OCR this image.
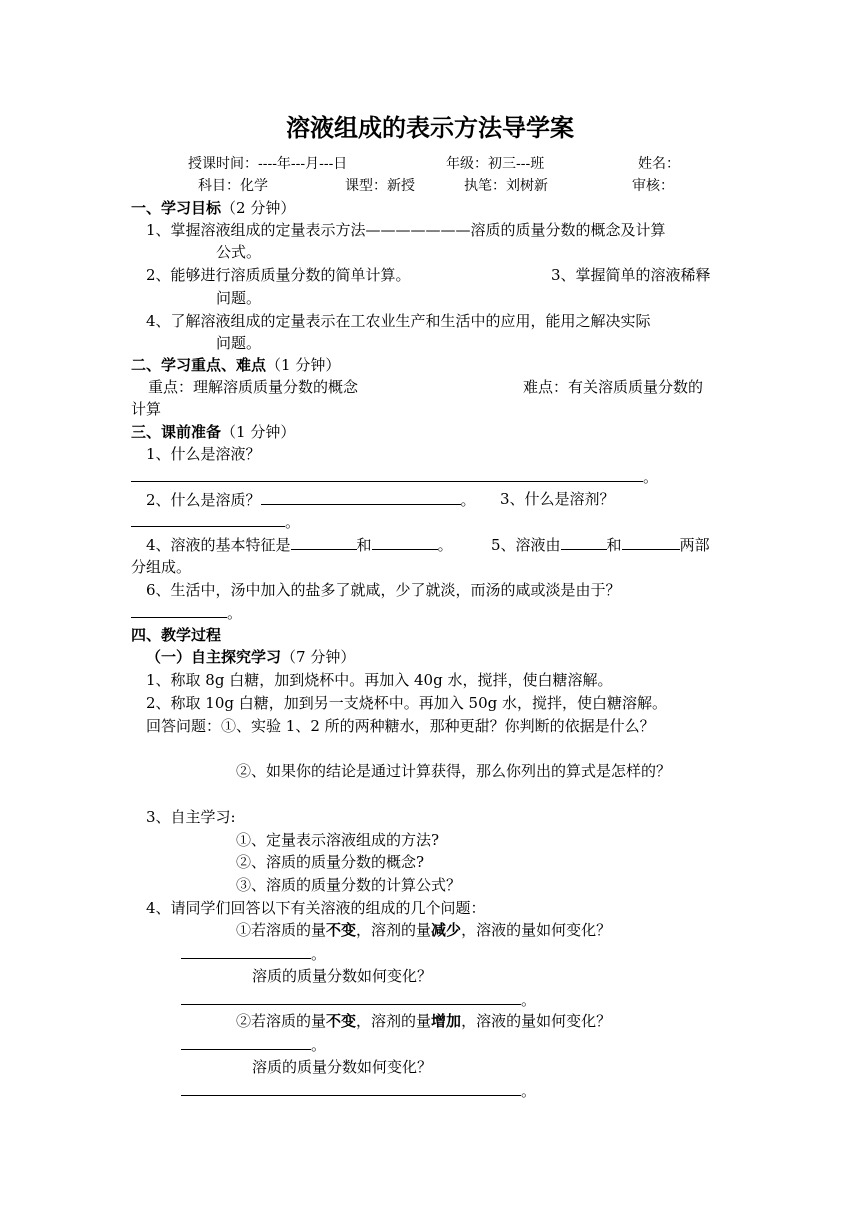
溶液组成的表示方法导学案
授课时间：----年---月---日	年级：初三---班	姓名：
科目：化学	课型：新授	执笔：刘树新	审核：
一、学习目标（2 分钟）
1、掌握溶液组成的定量表示方法———————溶质的质量分数的概念及计算
公式。
2、能够进行溶质质量分数的简单计算。	3、掌握简单的溶液稀释
问题。
4、了解溶液组成的定量表示在工农业生产和生活中的应用，能用之解决实际
问题。
二、学习重点、难点（1 分钟）
重点：理解溶质质量分数的概念	难点：有关溶质质量分数的
计算
三、课前准备（1 分钟）
1、什么是溶液？
。
2、什么是溶质？	。 3、什么是溶剂？
。
4、溶液的基本特征是	和	。	5、溶液由	和	两部
分组成。
6、生活中，汤中加入的盐多了就咸，少了就淡，而汤的咸或淡是由于？
。
四、教学过程
（一）自主探究学习（7 分钟）
1、称取 8g 白糖，加到烧杯中。再加入 40g 水，搅拌，使白糖溶解。
2、称取 10g 白糖，加到另一支烧杯中。再加入 50g 水，搅拌，使白糖溶解。
回答问题：①、实验 1、2 所的两种糖水，那种更甜？你判断的依据是什么？
②、如果你的结论是通过计算获得，那么你列出的算式是怎样的？
3、自主学习:
①、定量表示溶液组成的方法?
②、溶质的质量分数的概念?
③、溶质的质量分数的计算公式？
4、请同学们回答以下有关溶液的组成的几个问题：
①若溶质的量不变，溶剂的量减少，溶液的量如何变化？
。
溶质的质量分数如何变化？
。
②若溶质的量不变，溶剂的量增加，溶液的量如何变化？
。
溶质的质量分数如何变化？
。
